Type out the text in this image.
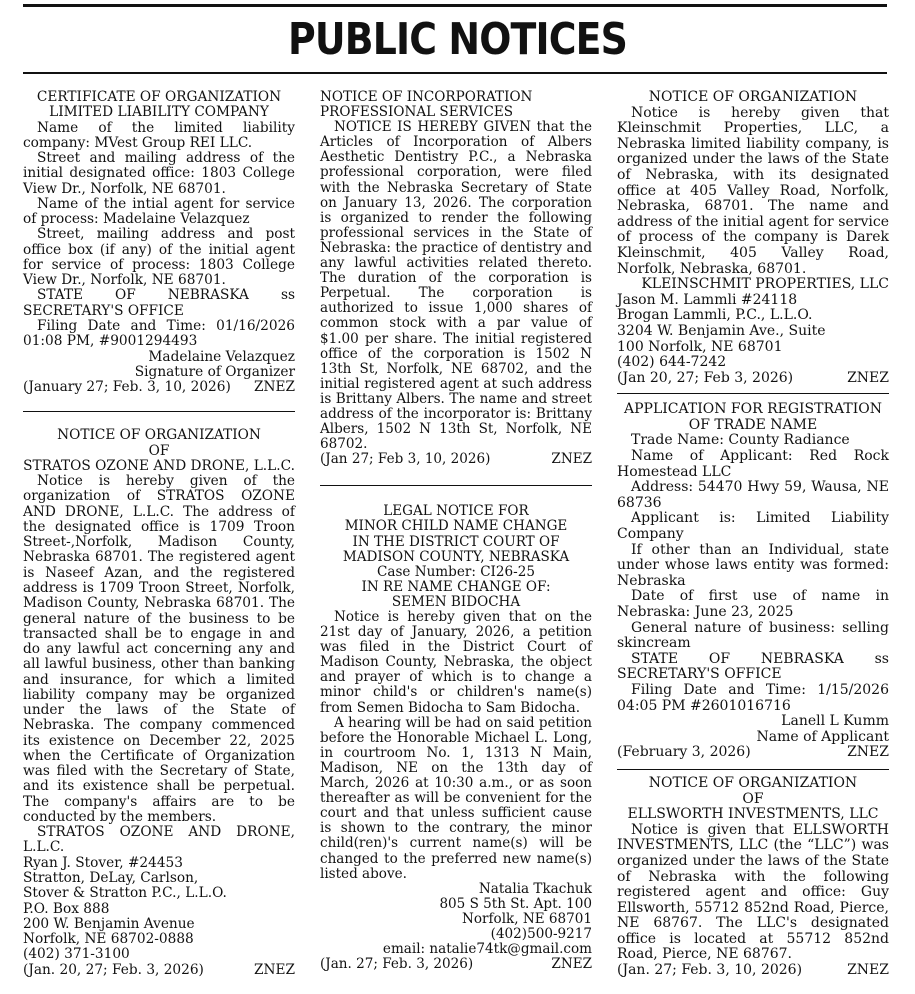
PUBLIC NOTICES
CERTIFICATE OF ORGANIZATION
LIMITED LIABILITY COMPANY

Name of the limited liability company: MVest Group REI LLC.

Street and mailing address of the initial designated office: 1803 College View Dr., Norfolk, NE 68701.

Name of the intial agent for service of process: Madelaine Velazquez

Street, mailing address and post office box (if any) of the initial agent for service of process: 1803 College View Dr., Norfolk, NE 68701.

STATE OF NEBRASKA ss SECRETARY'S OFFICE

Filing Date and Time: 01/16/2026 01:08 PM, #9001294493

Madelaine Velazquez

Signature of Organizer

(January 27; Feb. 3, 10, 2026) ZNEZ
NOTICE OF ORGANIZATION
OF
STRATOS OZONE AND DRONE, L.L.C.

Notice is hereby given of the organization of STRATOS OZONE AND DRONE, L.L.C. The address of the designated office is 1709 Troon Street-,Norfolk, Madison County, Nebraska 68701. The registered agent is Naseef Azan, and the registered address is 1709 Troon Street, Norfolk, Madison County, Nebraska 68701. The general nature of the business to be transacted shall be to engage in and do any lawful act concerning any and all lawful business, other than banking and insurance, for which a limited liability company may be organized under the laws of the State of Nebraska. The company commenced its existence on December 22, 2025 when the Certificate of Organization was filed with the Secretary of State, and its existence shall be perpetual. The company's affairs are to be conducted by the members.

STRATOS OZONE AND DRONE, L.L.C.

Ryan J. Stover, #24453

Stratton, DeLay, Carlson,

Stover & Stratton P.C., L.L.O.

P.O. Box 888

200 W. Benjamin Avenue

Norfolk, NE 68702-0888

(402) 371-3100

(Jan. 20, 27; Feb. 3, 2026)	ZNEZ
NOTICE OF INCORPORATION
PROFESSIONAL SERVICES

NOTICE IS HEREBY GIVEN that the Articles of Incorporation of Albers Aesthetic Dentistry P.C., a Nebraska professional corporation, were filed with the Nebraska Secretary of State on January 13, 2026. The corporation is organized to render the following professional services in the State of Nebraska: the practice of dentistry and any lawful activities related thereto. The duration of the corporation is Perpetual. The corporation is authorized to issue 1,000 shares of common stock with a par value of $1.00 per share. The initial registered office of the corporation is 1502 N 13th St, Norfolk, NE 68702, and the initial registered agent at such address is Brittany Albers. The name and street address of the incorporator is: Brittany Albers, 1502 N 13th St, Norfolk, NE 68702.

(Jan 27; Feb 3, 10, 2026)	ZNEZ
LEGAL NOTICE FOR
MINOR CHILD NAME CHANGE
IN THE DISTRICT COURT OF
MADISON COUNTY, NEBRASKA
Case Number: CI26-25
IN RE NAME CHANGE OF:
SEMEN BIDOCHA

Notice is hereby given that on the 21st day of January, 2026, a petition was filed in the District Court of Madison County, Nebraska, the object and prayer of which is to change a minor child's or children's name(s) from Semen Bidocha to Sam Bidocha.

A hearing will be had on said petition before the Honorable Michael L. Long, in courtroom No. 1, 1313 N Main, Madison, NE on the 13th day of March, 2026 at 10:30 a.m., or as soon thereafter as will be convenient for the court and that unless sufficient cause is shown to the contrary, the minor child(ren)'s current name(s) will be changed to the preferred new name(s) listed above.

Natalia Tkachuk

805 S 5th St. Apt. 100

Norfolk, NE 68701

(402)500-9217

email: natalie74tk@gmail.com

(Jan. 27; Feb. 3, 2026)	ZNEZ
NOTICE OF ORGANIZATION

Notice is hereby given that Kleinschmit Properties, LLC, a Nebraska limited liability company, is organized under the laws of the State of Nebraska, with its designated office at 405 Valley Road, Norfolk, Nebraska, 68701. The name and address of the initial agent for service of process of the company is Darek Kleinschmit, 405 Valley Road, Norfolk, Nebraska, 68701.

KLEINSCHMIT PROPERTIES, LLC

Jason M. Lammli #24118

Brogan Lammli, P.C., L.L.O.

3204 W. Benjamin Ave., Suite

100 Norfolk, NE 68701

(402) 644-7242

(Jan 20, 27; Feb 3, 2026)	ZNEZ
APPLICATION FOR REGISTRATION
OF TRADE NAME

Trade Name: County Radiance

Name of Applicant: Red Rock Homestead LLC

Address: 54470 Hwy 59, Wausa, NE 68736

Applicant is: Limited Liability Company

If other than an Individual, state under whose laws entity was formed: Nebraska

Date of first use of name in Nebraska: June 23, 2025

General nature of business: selling skincream

STATE OF NEBRASKA ss SECRETARY'S OFFICE

Filing Date and Time: 1/15/2026 04:05 PM #2601016716

Lanell L Kumm

Name of Applicant

(February 3, 2026)	ZNEZ
NOTICE OF ORGANIZATION
OF
ELLSWORTH INVESTMENTS, LLC

Notice is given that ELLSWORTH INVESTMENTS, LLC (the “LLC”) was organized under the laws of the State of Nebraska with the following registered agent and office: Guy Ellsworth, 55712 852nd Road, Pierce, NE 68767. The LLC's designated office is located at 55712 852nd Road, Pierce, NE 68767.

(Jan. 27; Feb. 3, 10, 2026)	ZNEZ
